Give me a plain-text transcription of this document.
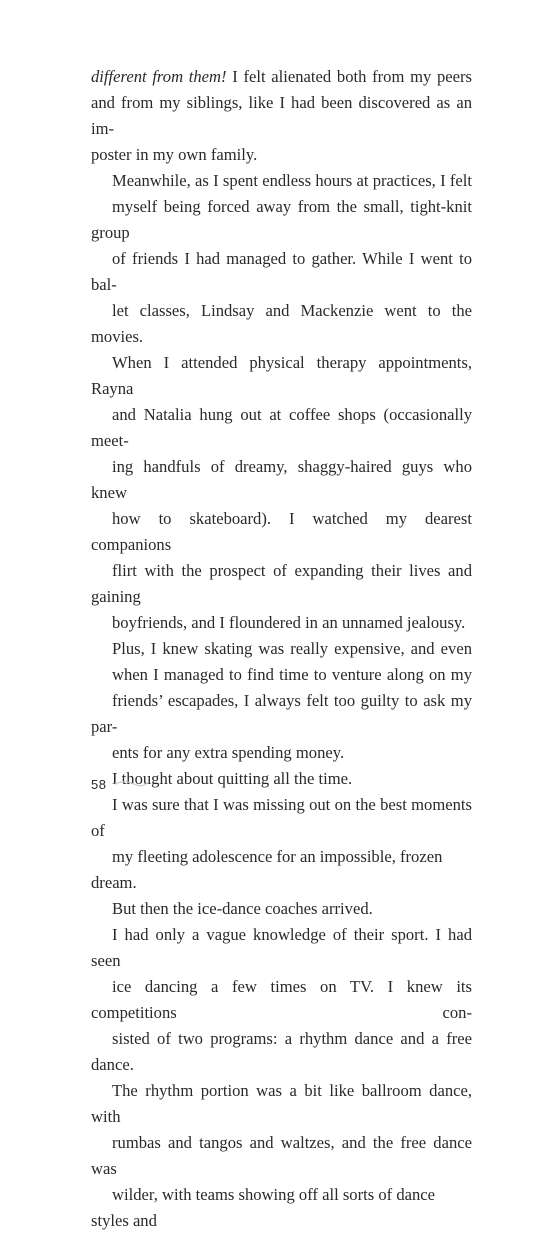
different from them! I felt alienated both from my peers
and from my siblings, like I had been discovered as an im-
poster in my own family.

Meanwhile, as I spent endless hours at practices, I felt
myself being forced away from the small, tight-knit group
of friends I had managed to gather. While I went to bal-
let classes, Lindsay and Mackenzie went to the movies.
When I attended physical therapy appointments, Rayna
and Natalia hung out at coffee shops (occasionally meet-
ing handfuls of dreamy, shaggy-haired guys who knew
how to skateboard). I watched my dearest companions
flirt with the prospect of expanding their lives and gaining
boyfriends, and I floundered in an unnamed jealousy.

Plus, I knew skating was really expensive, and even
when I managed to find time to venture along on my
friends’ escapades, I always felt too guilty to ask my par-
ents for any extra spending money.

I thought about quitting all the time.

I was sure that I was missing out on the best moments of
my fleeting adolescence for an impossible, frozen dream.

But then the ice-dance coaches arrived.

I had only a vague knowledge of their sport. I had seen
ice dancing a few times on TV. I knew its competitions con-
sisted of two programs: a rhythm dance and a free dance.
The rhythm portion was a bit like ballroom dance, with
rumbas and tangos and waltzes, and the free dance was
wilder, with teams showing off all sorts of dance styles and

58
